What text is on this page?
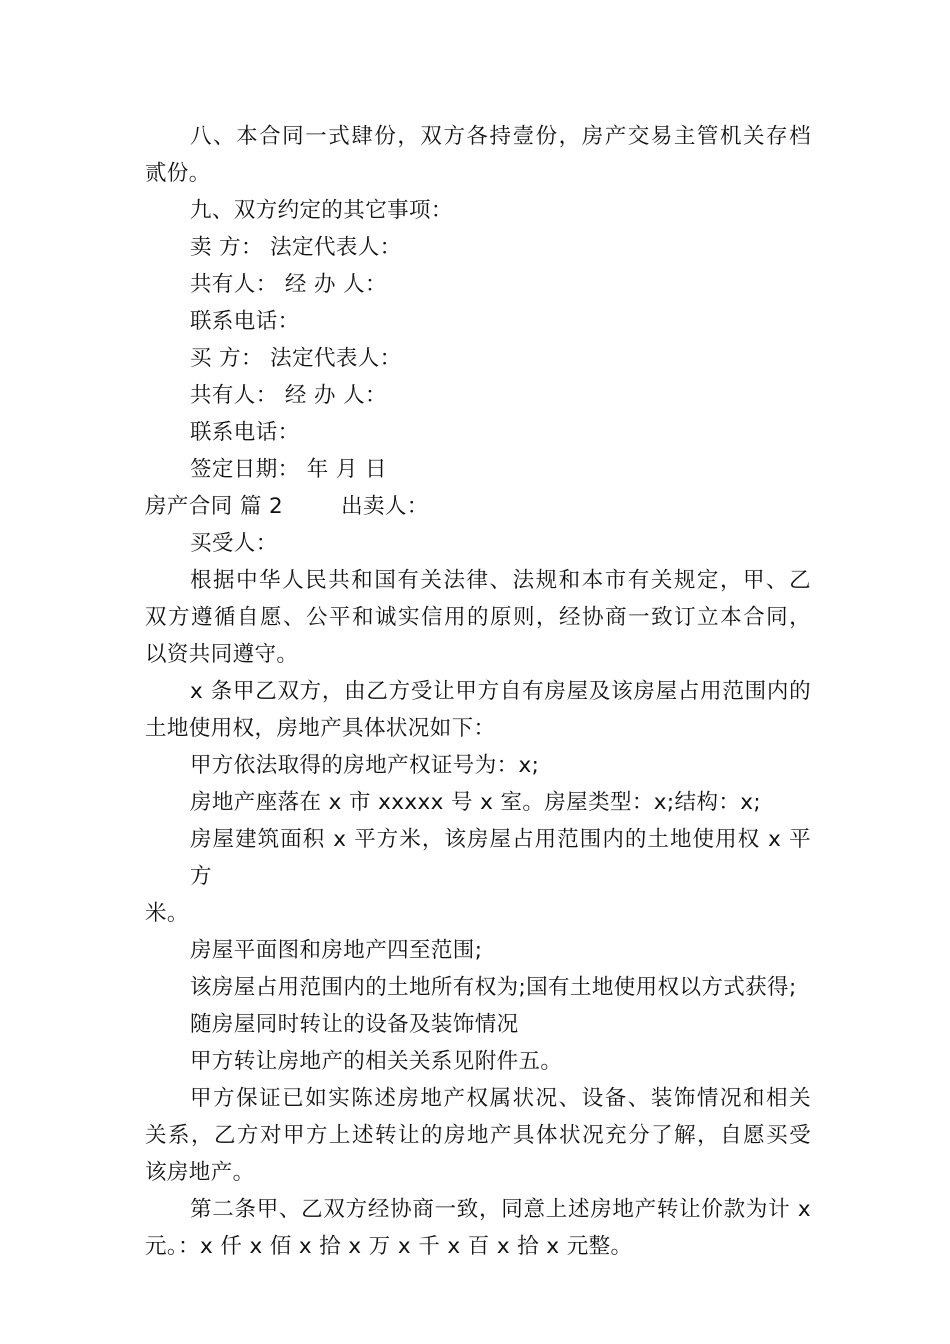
八、本合同一式肆份，双方各持壹份，房产交易主管机关存档

贰份。

九、双方约定的其它事项：

卖 方： 法定代表人：

共有人： 经 办 人：

联系电话：

买 方： 法定代表人：

共有人： 经 办 人：

联系电话：

签定日期： 年 月 日

房产合同 篇 2	出卖人：

买受人：

根据中华人民共和国有关法律、法规和本市有关规定，甲、乙

双方遵循自愿、公平和诚实信用的原则，经协商一致订立本合同，

以资共同遵守。

x 条甲乙双方，由乙方受让甲方自有房屋及该房屋占用范围内的

土地使用权，房地产具体状况如下：

甲方依法取得的房地产权证号为：x;

房地产座落在 x 市 xxxxx 号 x 室。房屋类型：x;结构：x;

房屋建筑面积 x 平方米，该房屋占用范围内的土地使用权 x 平方

米。

房屋平面图和房地产四至范围;

该房屋占用范围内的土地所有权为;国有土地使用权以方式获得;

随房屋同时转让的设备及装饰情况

甲方转让房地产的相关关系见附件五。

甲方保证已如实陈述房地产权属状况、设备、装饰情况和相关

关系，乙方对甲方上述转让的房地产具体状况充分了解，自愿买受

该房地产。

第二条甲、乙双方经协商一致，同意上述房地产转让价款为计 x

元。：x 仟 x 佰 x 拾 x 万 x 千 x 百 x 拾 x 元整。
